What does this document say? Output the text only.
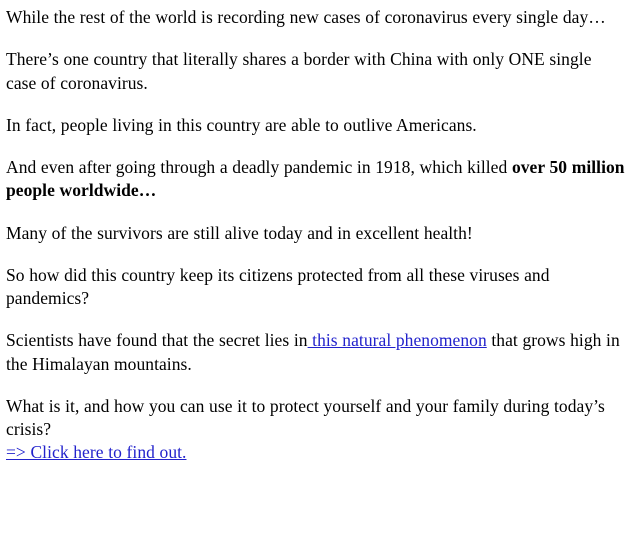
While the rest of the world is recording new cases of coronavirus every single day…

There’s one country that literally shares a border with China with only ONE single case of coronavirus.

In fact, people living in this country are able to outlive Americans.

And even after going through a deadly pandemic in 1918, which killed over 50 million people worldwide…

Many of the survivors are still alive today and in excellent health!

So how did this country keep its citizens protected from all these viruses and pandemics?

Scientists have found that the secret lies in this natural phenomenon that grows high in the Himalayan mountains.

What is it, and how you can use it to protect yourself and your family during today’s crisis?

=> Click here to find out.
